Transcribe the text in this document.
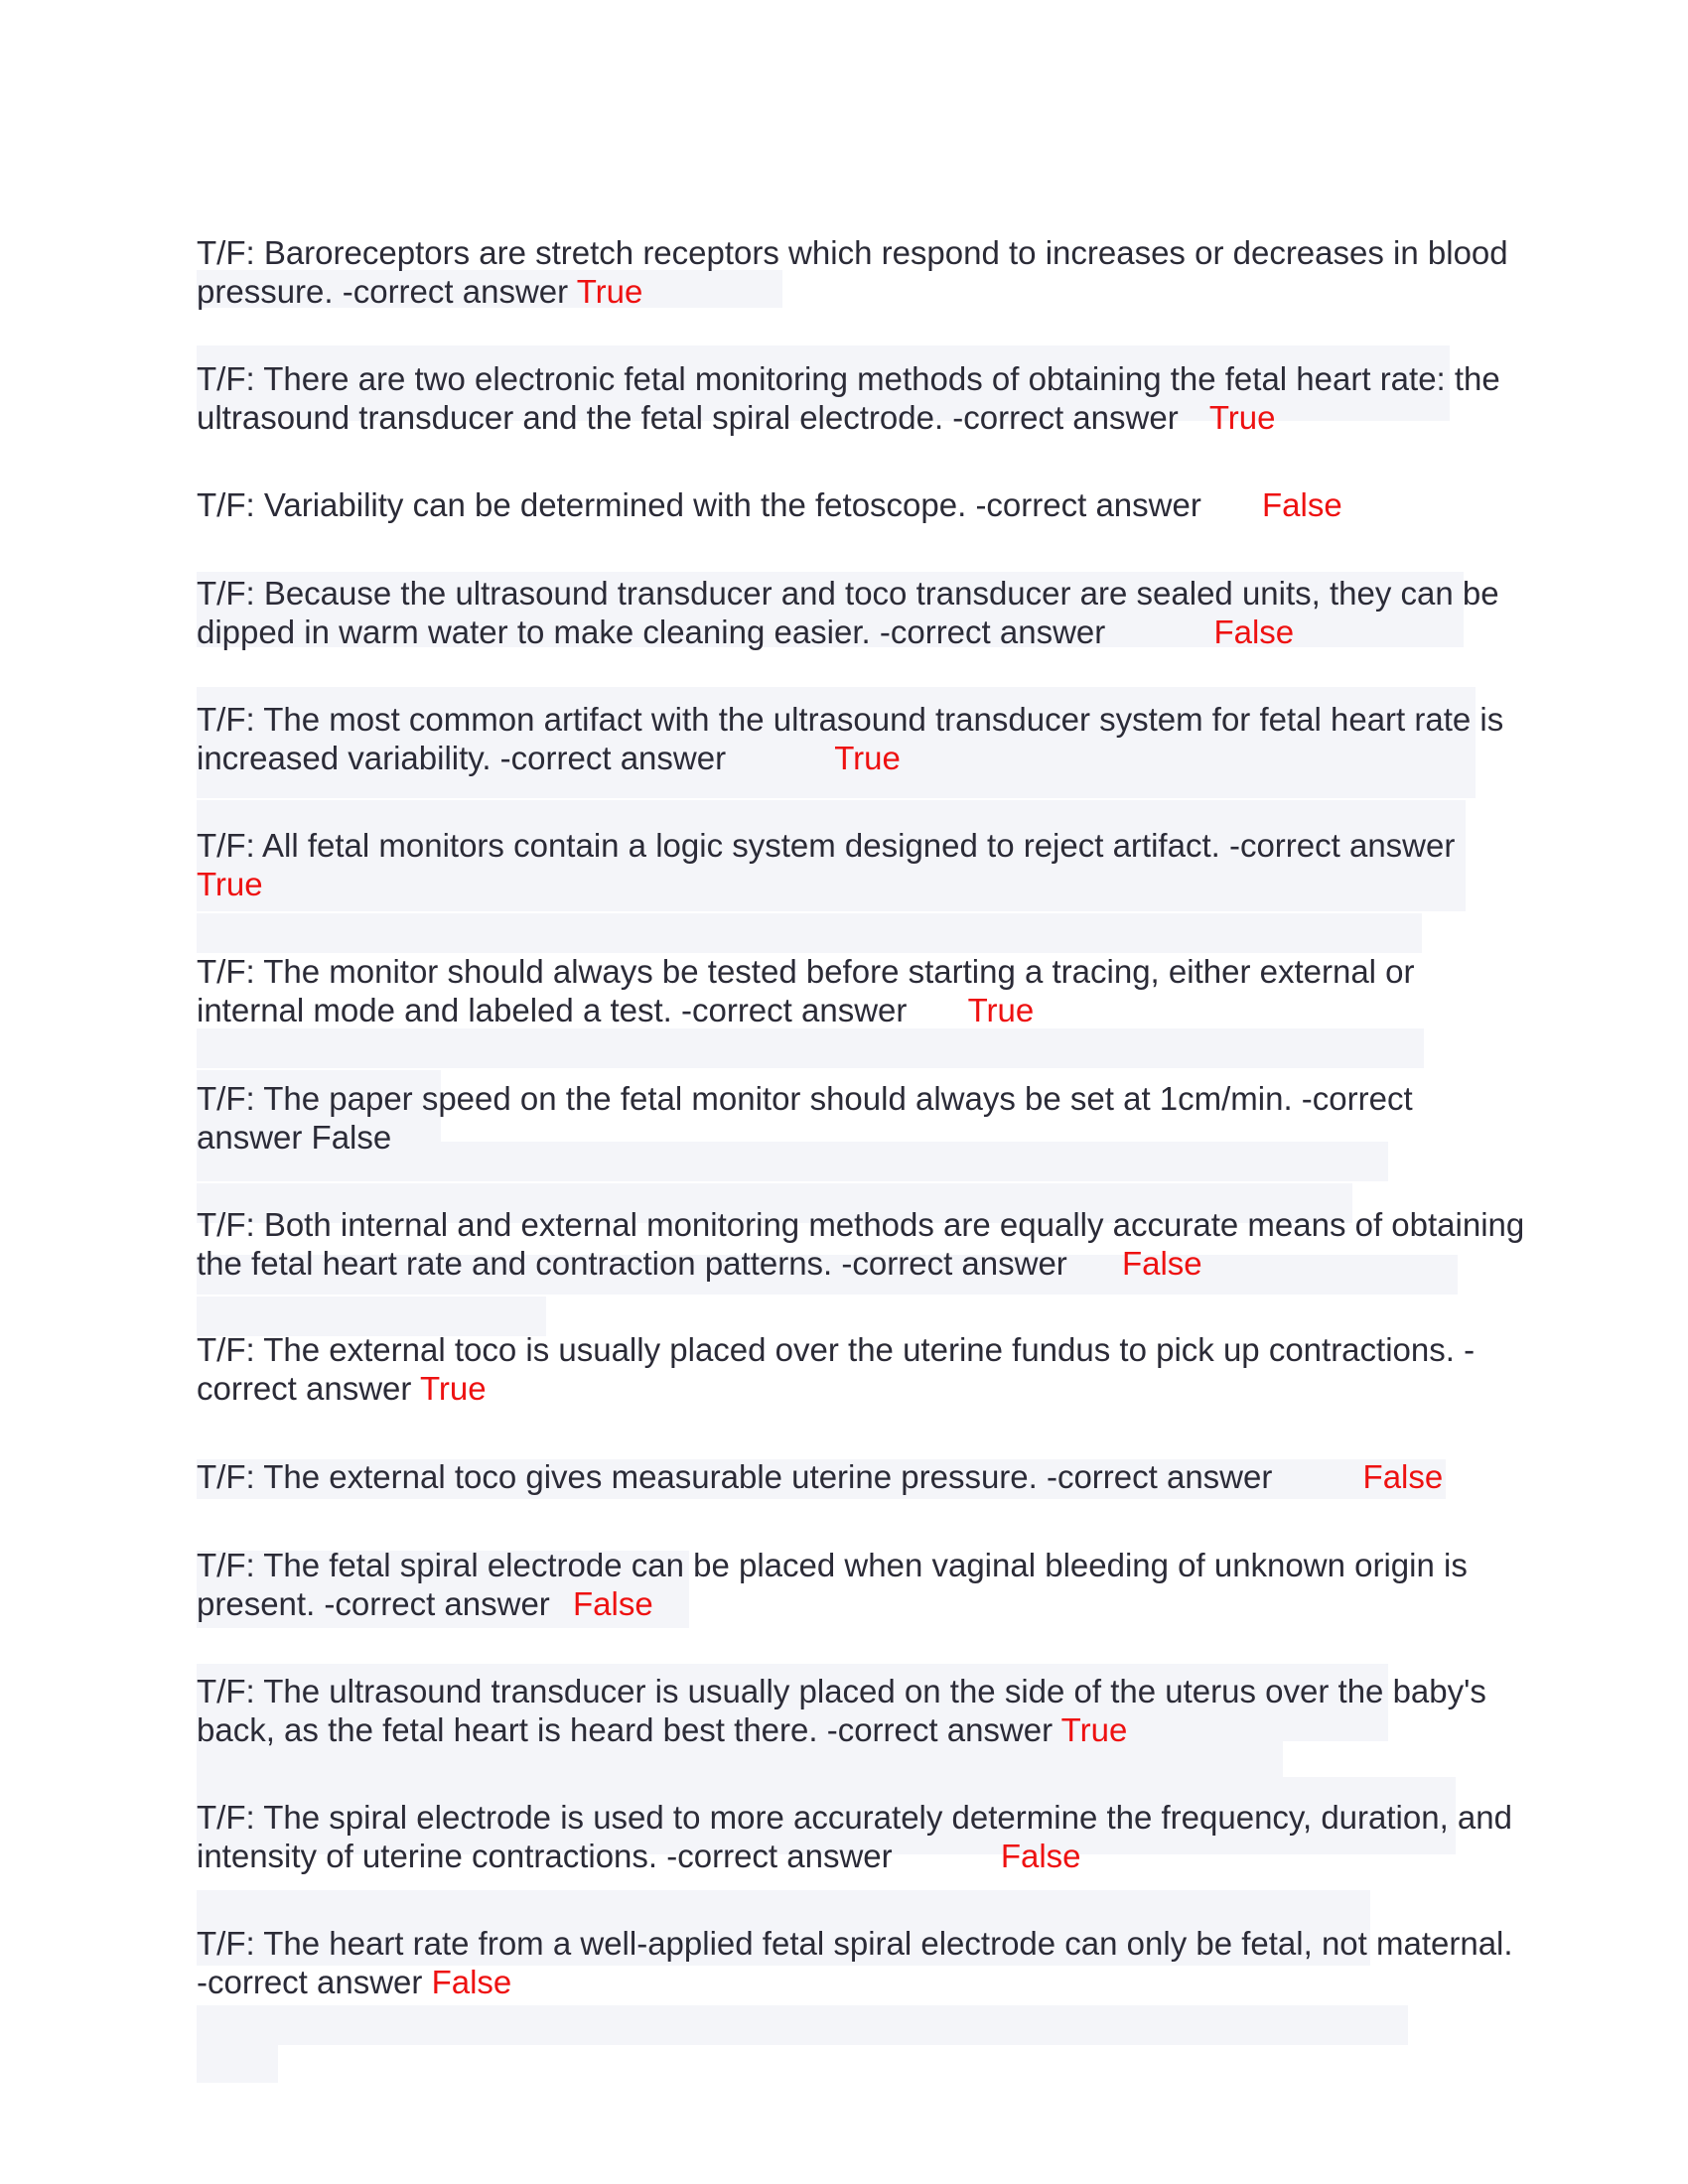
T/F: Baroreceptors are stretch receptors which respond to increases or decreases in blood pressure. -correct answer True

T/F: There are two electronic fetal monitoring methods of obtaining the fetal heart rate: the ultrasound transducer and the fetal spiral electrode. -correct answer True

T/F: Variability can be determined with the fetoscope. -correct answer False

T/F: Because the ultrasound transducer and toco transducer are sealed units, they can be dipped in warm water to make cleaning easier. -correct answer	False

T/F: The most common artifact with the ultrasound transducer system for fetal heart rate is increased variability. -correct answer	True

T/F: All fetal monitors contain a logic system designed to reject artifact. -correct answer True

T/F: The monitor should always be tested before starting a tracing, either external or internal mode and labeled a test. -correct answer True

T/F: The paper speed on the fetal monitor should always be set at 1cm/min. -correct answer False

T/F: Both internal and external monitoring methods are equally accurate means of obtaining the fetal heart rate and contraction patterns. -correct answer False

T/F: The external toco is usually placed over the uterine fundus to pick up contractions. -correct answer True

T/F: The external toco gives measurable uterine pressure. -correct answer	False

T/F: The fetal spiral electrode can be placed when vaginal bleeding of unknown origin is present. -correct answer False

T/F: The ultrasound transducer is usually placed on the side of the uterus over the baby's back, as the fetal heart is heard best there. -correct answer True

T/F: The spiral electrode is used to more accurately determine the frequency, duration, and intensity of uterine contractions. -correct answer	False

T/F: The heart rate from a well-applied fetal spiral electrode can only be fetal, not maternal. -correct answer False
